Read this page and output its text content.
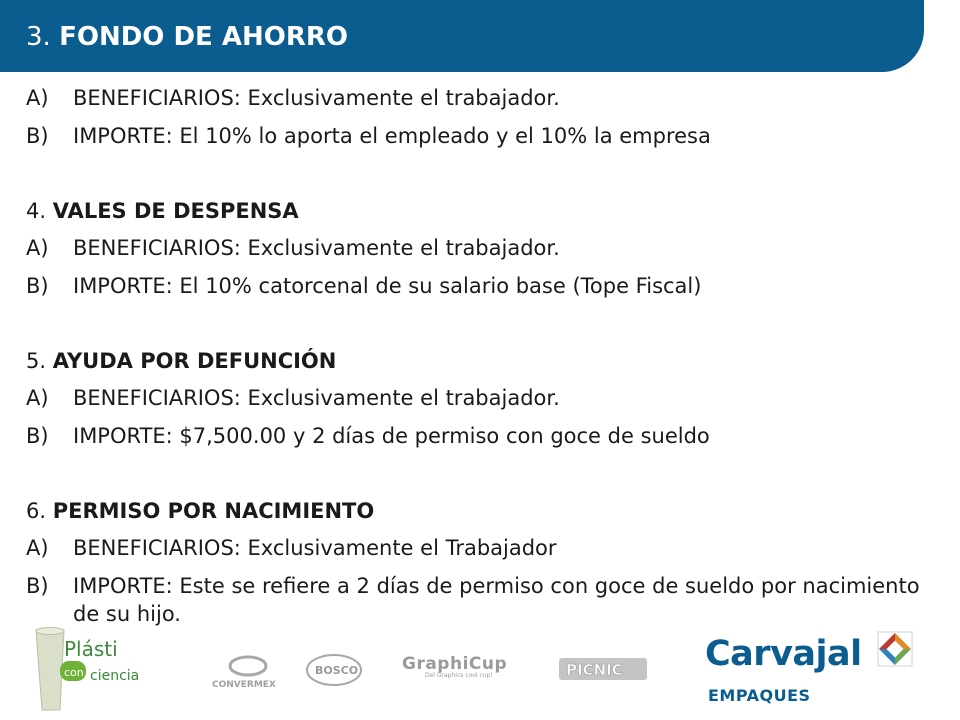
3. FONDO DE AHORRO
A)	BENEFICIARIOS: Exclusivamente el trabajador.
B)	IMPORTE: El 10% lo aporta el empleado y el 10% la empresa
4. VALES DE DESPENSA
A)	BENEFICIARIOS: Exclusivamente el trabajador.
B)	IMPORTE: El 10% catorcenal de su salario base (Tope Fiscal)
5. AYUDA POR DEFUNCIÓN
A)	BENEFICIARIOS: Exclusivamente el trabajador.
B)	IMPORTE: $7,500.00 y 2 días de permiso con goce de sueldo
6. PERMISO POR NACIMIENTO
A)	BENEFICIARIOS: Exclusivamente el Trabajador
B)	IMPORTE: Este se refiere a 2 días de permiso con goce de sueldo por nacimiento de su hijo.
Plásti
con ciencia
CONVERMEX
BOSCO	GraphiCup
Del Graphics cool cup!	PICNIC Carvajal
EMPAQUES
